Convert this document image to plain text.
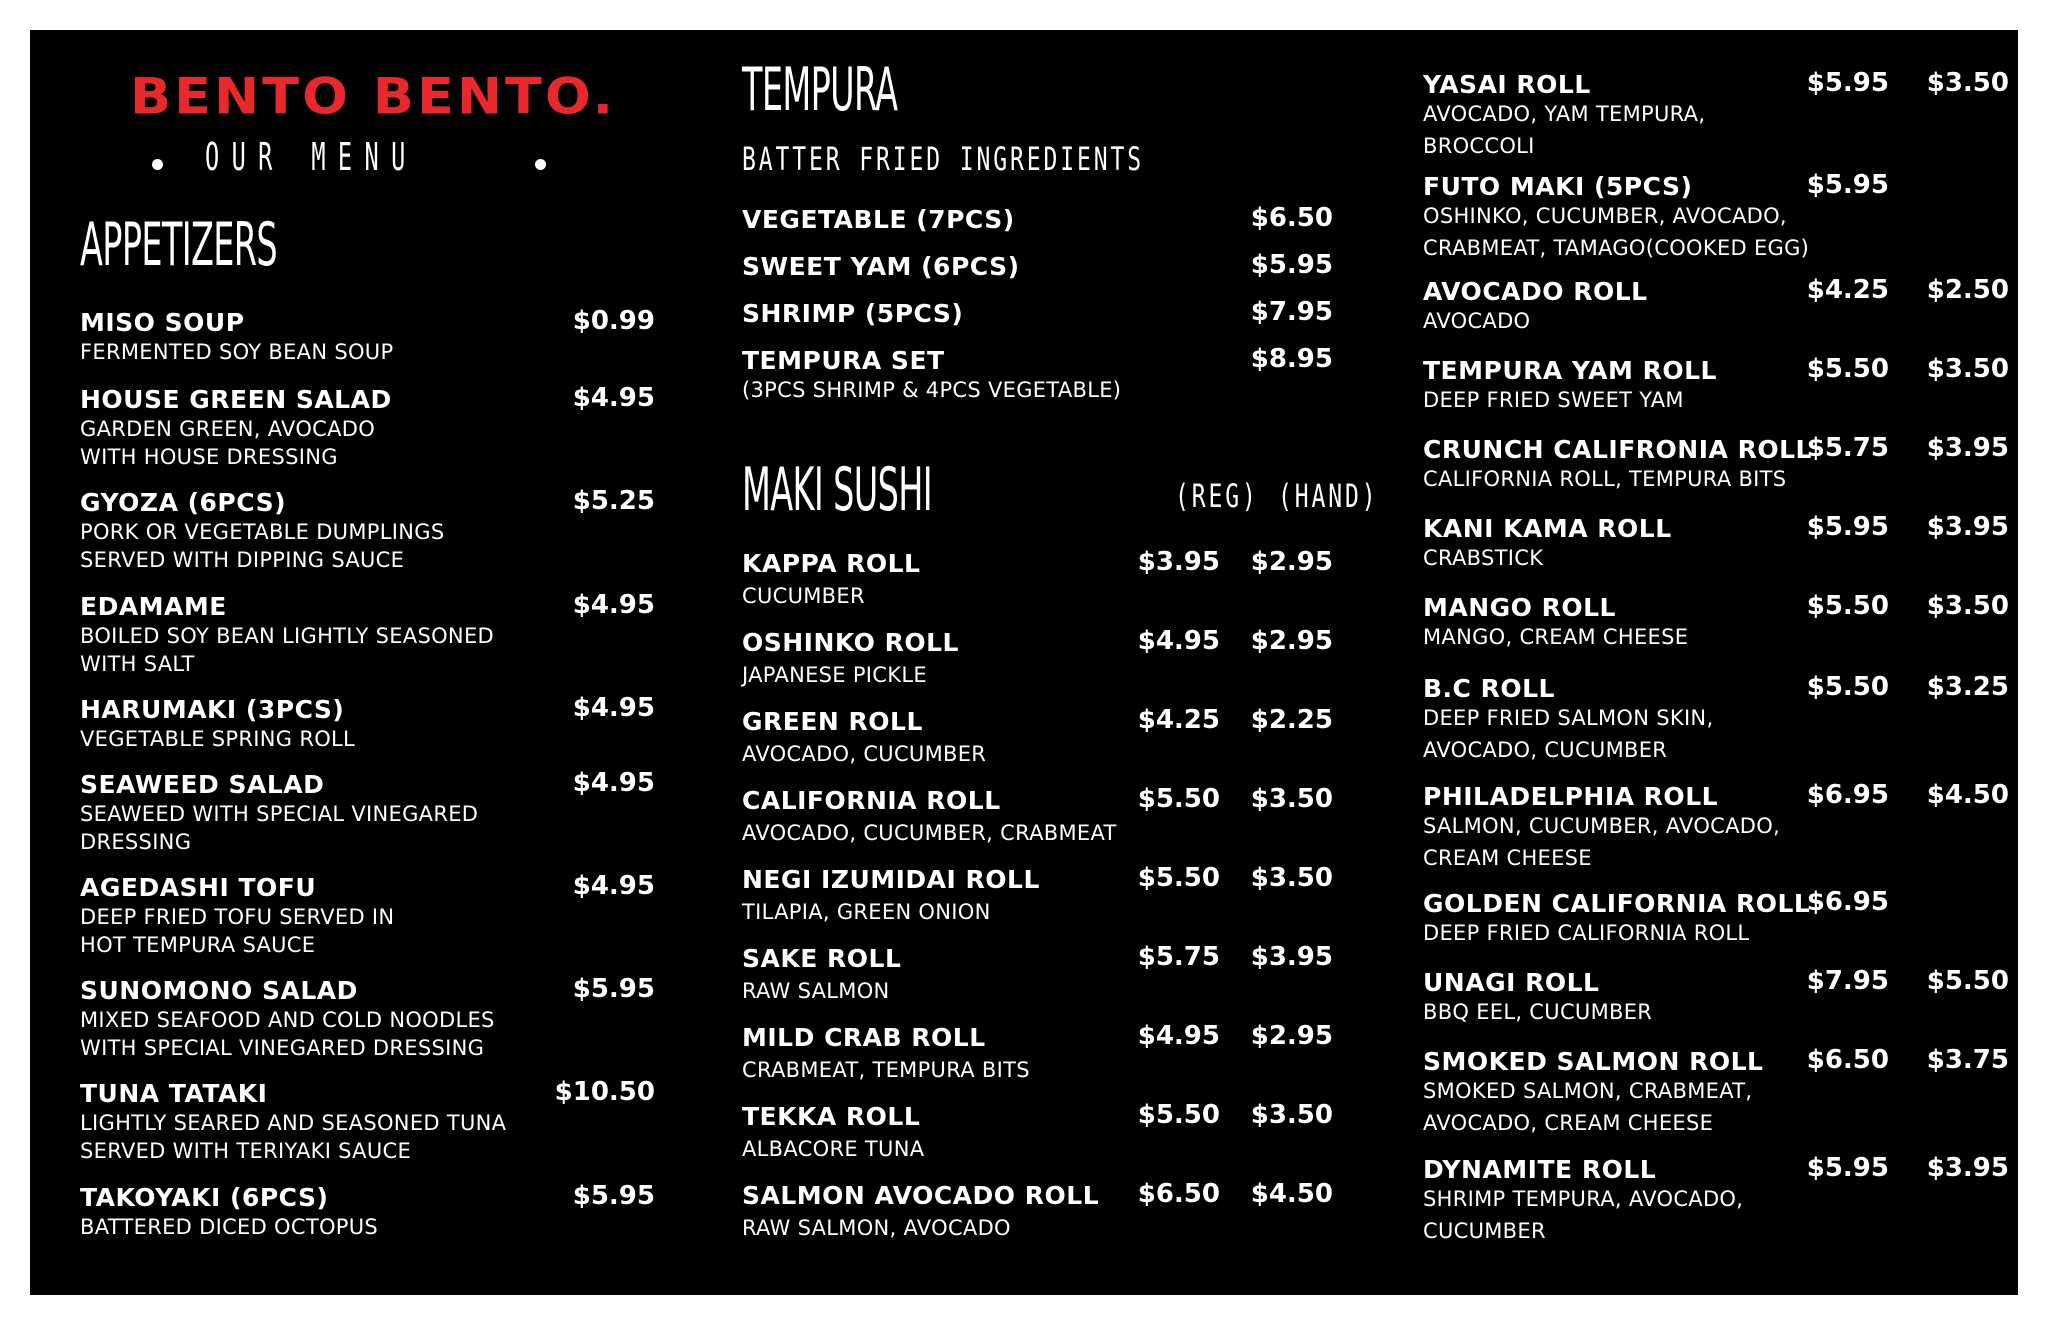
BENTO BENTO.
OUR MENU
APPETIZERS
MISO SOUP
FERMENTED SOY BEAN SOUP
$0.99
HOUSE GREEN SALAD
GARDEN GREEN, AVOCADO
WITH HOUSE DRESSING
$4.95
GYOZA (6PCS)
PORK OR VEGETABLE DUMPLINGS
SERVED WITH DIPPING SAUCE
$5.25
EDAMAME
BOILED SOY BEAN LIGHTLY SEASONED
WITH SALT
$4.95
HARUMAKI (3PCS)
VEGETABLE SPRING ROLL
$4.95
SEAWEED SALAD
SEAWEED WITH SPECIAL VINEGARED
DRESSING
$4.95
AGEDASHI TOFU
DEEP FRIED TOFU SERVED IN
HOT TEMPURA SAUCE
$4.95
SUNOMONO SALAD
MIXED SEAFOOD AND COLD NOODLES
WITH SPECIAL VINEGARED DRESSING
$5.95
TUNA TATAKI
LIGHTLY SEARED AND SEASONED TUNA
SERVED WITH TERIYAKI SAUCE
$10.50
TAKOYAKI (6PCS)
BATTERED DICED OCTOPUS
$5.95
TEMPURA
BATTER FRIED INGREDIENTS
VEGETABLE (7PCS)	$6.50
SWEET YAM (6PCS)	$5.95
SHRIMP (5PCS)	$7.95
TEMPURA SET
(3PCS SHRIMP & 4PCS VEGETABLE)
$8.95
MAKI SUSHI	(REG) (HAND)
KAPPA ROLL
CUCUMBER
$3.95 $2.95
OSHINKO ROLL
JAPANESE PICKLE
$4.95 $2.95
GREEN ROLL
AVOCADO, CUCUMBER
$4.25 $2.25
CALIFORNIA ROLL
AVOCADO, CUCUMBER, CRABMEAT
$5.50 $3.50
NEGI IZUMIDAI ROLL
TILAPIA, GREEN ONION
$5.50 $3.50
SAKE ROLL
RAW SALMON
$5.75 $3.95
MILD CRAB ROLL
CRABMEAT, TEMPURA BITS
$4.95 $2.95
TEKKA ROLL
ALBACORE TUNA
$5.50 $3.50
SALMON AVOCADO ROLL
RAW SALMON, AVOCADO
$6.50 $4.50
YASAI ROLL
AVOCADO, YAM TEMPURA,
BROCCOLI
$5.95 $3.50
FUTO MAKI (5PCS)
OSHINKO, CUCUMBER, AVOCADO,
CRABMEAT, TAMAGO(COOKED EGG)
$5.95
AVOCADO ROLL
AVOCADO
$4.25 $2.50
TEMPURA YAM ROLL
DEEP FRIED SWEET YAM
$5.50 $3.50
CRUNCH CALIFRONIA ROLL
CALIFORNIA ROLL, TEMPURA BITS
$5.75 $3.95
KANI KAMA ROLL
CRABSTICK
$5.95 $3.95
MANGO ROLL
MANGO, CREAM CHEESE
$5.50 $3.50
B.C ROLL
DEEP FRIED SALMON SKIN,
AVOCADO, CUCUMBER
$5.50 $3.25
PHILADELPHIA ROLL
SALMON, CUCUMBER, AVOCADO,
CREAM CHEESE
$6.95 $4.50
GOLDEN CALIFORNIA ROLL
DEEP FRIED CALIFORNIA ROLL
$6.95
UNAGI ROLL
BBQ EEL, CUCUMBER
$7.95 $5.50
SMOKED SALMON ROLL
SMOKED SALMON, CRABMEAT,
AVOCADO, CREAM CHEESE
$6.50 $3.75
DYNAMITE ROLL
SHRIMP TEMPURA, AVOCADO,
CUCUMBER
$5.95 $3.95
